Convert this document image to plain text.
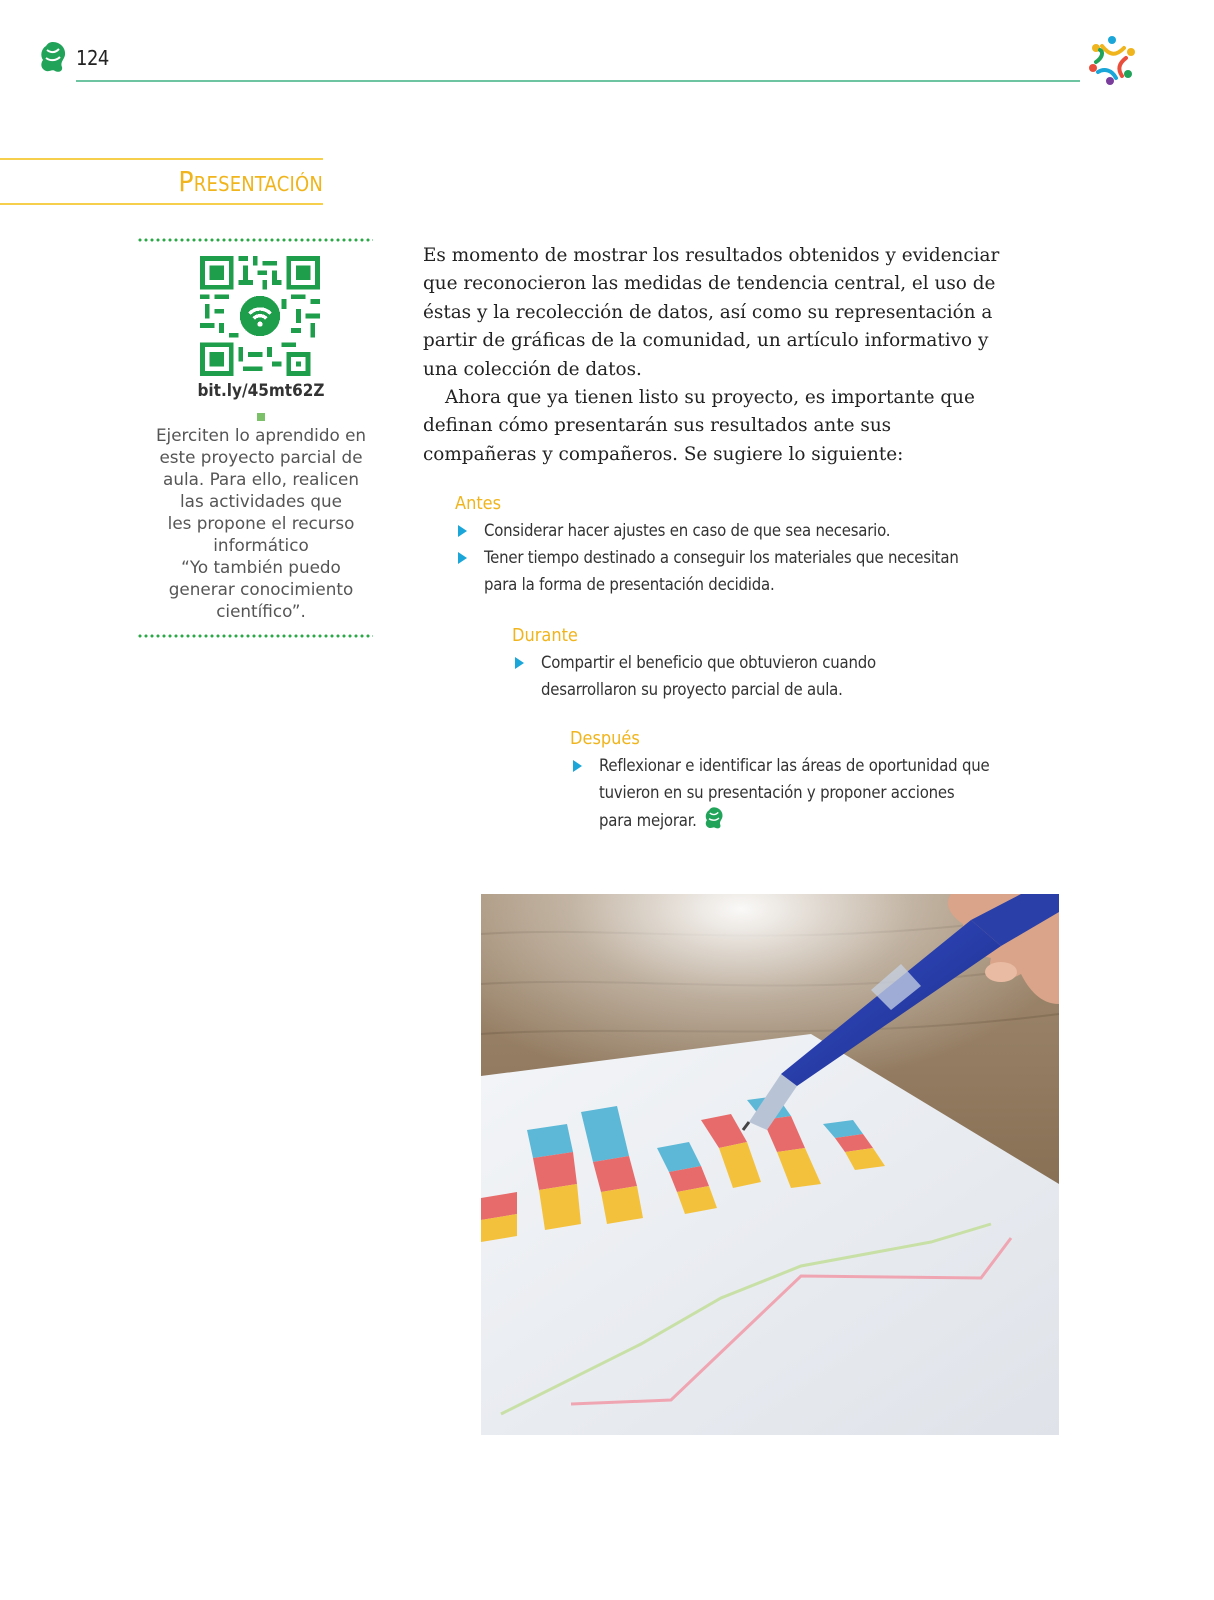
124
Presentación
bit.ly/45mt62Z
Ejerciten lo aprendido en
este proyecto parcial de
aula. Para ello, realicen
las actividades que
les propone el recurso
informático
“Yo también puedo
generar conocimiento
científico”.

Es momento de mostrar los resultados obtenidos y evidenciar que reconocieron las medidas de tendencia central, el uso de éstas y la recolección de datos, así como su representación a partir de gráficas de la comunidad, un artículo informativo y una colección de datos.

Ahora que ya tienen listo su proyecto, es importante que definan cómo presentarán sus resultados ante sus compañeras y compañeros. Se sugiere lo siguiente:

Antes
Considerar hacer ajustes en caso de que sea necesario.
Tener tiempo destinado a conseguir los materiales que necesitan para la forma de presentación decidida.
Durante
Compartir el beneficio que obtuvieron cuando desarrollaron su proyecto parcial de aula.
Después
Reflexionar e identificar las áreas de oportunidad que tuvieron en su presentación y proponer acciones para mejorar.
